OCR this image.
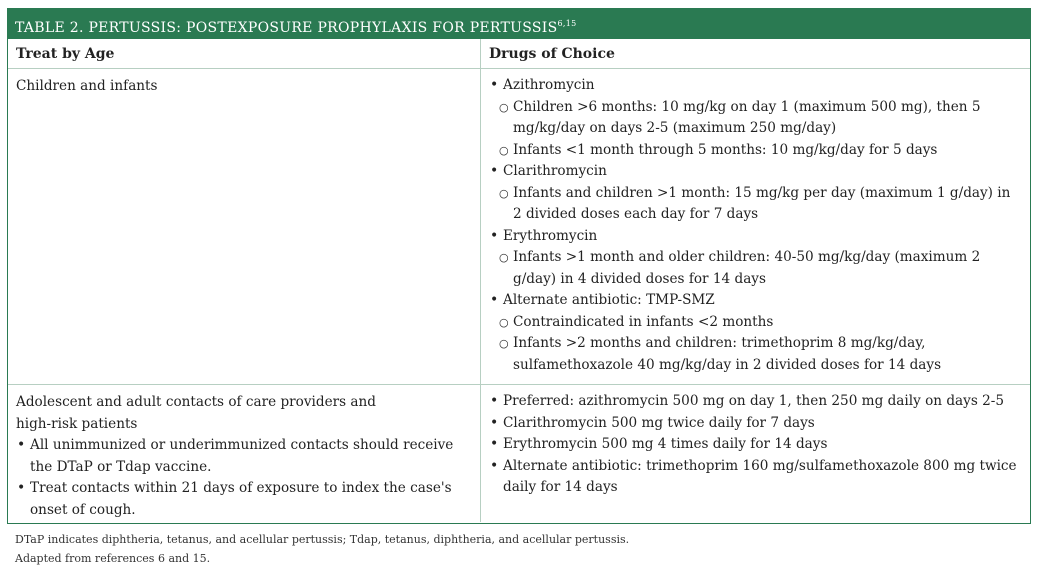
TABLE 2. PERTUSSIS: POSTEXPOSURE PROPHYLAXIS FOR PERTUSSIS$^{6,15}$
Treat by Age	Drugs of Choice
Children and infants
•	Azithromycin
○ Children >6 months: 10 mg/kg on day 1 (maximum 500 mg), then 5 mg/kg/day on days 2-5 (maximum 250 mg/day)
○ Infants <1 month through 5 months: 10 mg/kg/day for 5 days
• Clarithromycin
○ Infants and children >1 month: 15 mg/kg per day (maximum 1 g/day) in 2 divided doses each day for 7 days
• Erythromycin
○ Infants >1 month and older children: 40-50 mg/kg/day (maximum 2 g/day) in 4 divided doses for 14 days
• Alternate antibiotic: TMP-SMZ
○ Contraindicated in infants <2 months
○ Infants >2 months and children: trimethoprim 8 mg/kg/day, sulfamethoxazole 40 mg/kg/day in 2 divided doses for 14 days
Adolescent and adult contacts of care providers and
high-risk patients
• All unimmunized or underimmunized contacts should receive the DTaP or Tdap vaccine.
• Treat contacts within 21 days of exposure to index the case's onset of cough.
• Preferred: azithromycin 500 mg on day 1, then 250 mg daily on days 2-5
• Clarithromycin 500 mg twice daily for 7 days
• Erythromycin 500 mg 4 times daily for 14 days
• Alternate antibiotic: trimethoprim 160 mg/sulfamethoxazole 800 mg twice daily for 14 days
DTaP indicates diphtheria, tetanus, and acellular pertussis; Tdap, tetanus, diphtheria, and acellular pertussis.
Adapted from references 6 and 15.
